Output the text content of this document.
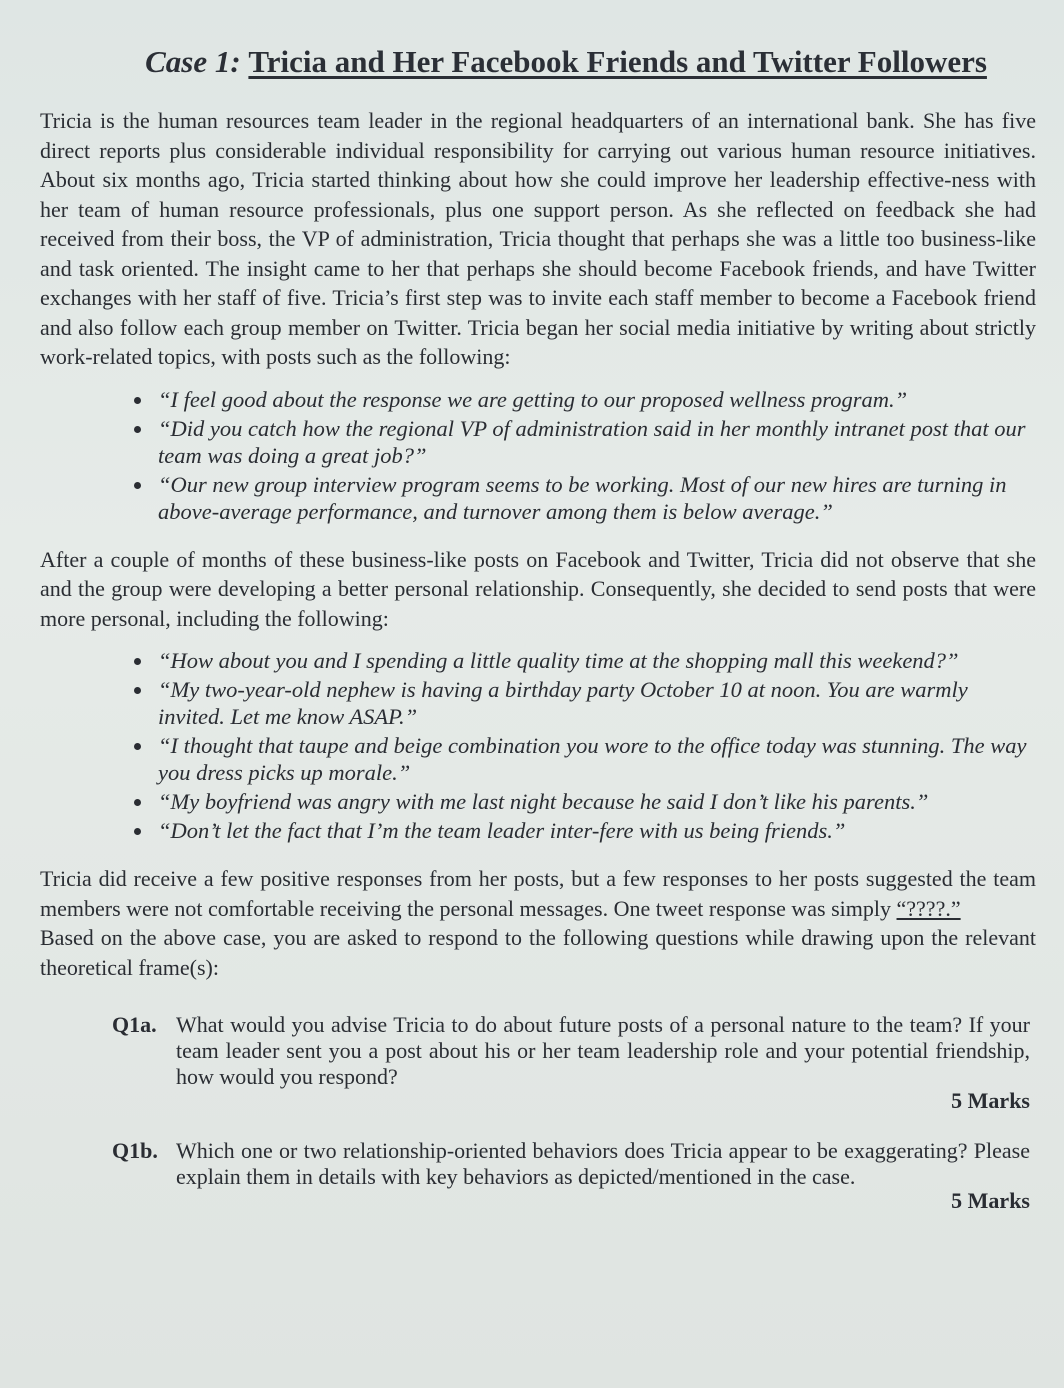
Case 1: Tricia and Her Facebook Friends and Twitter Followers

Tricia is the human resources team leader in the regional headquarters of an international bank. She has five direct reports plus considerable individual responsibility for carrying out various human resource initiatives. About six months ago, Tricia started thinking about how she could improve her leadership effective-ness with her team of human resource professionals, plus one support person. As she reflected on feedback she had received from their boss, the VP of administration, Tricia thought that perhaps she was a little too business-like and task oriented. The insight came to her that perhaps she should become Facebook friends, and have Twitter exchanges with her staff of five. Tricia’s first step was to invite each staff member to become a Facebook friend and also follow each group member on Twitter. Tricia began her social media initiative by writing about strictly work-related topics, with posts such as the following:

• “I feel good about the response we are getting to our proposed wellness program.”
• “Did you catch how the regional VP of administration said in her monthly intranet post that our team was doing a great job?”
• “Our new group interview program seems to be working. Most of our new hires are turning in above-average performance, and turnover among them is below average.”

After a couple of months of these business-like posts on Facebook and Twitter, Tricia did not observe that she and the group were developing a better personal relationship. Consequently, she decided to send posts that were more personal, including the following:

• “How about you and I spending a little quality time at the shopping mall this weekend?”
• “My two-year-old nephew is having a birthday party October 10 at noon. You are warmly invited. Let me know ASAP.”
• “I thought that taupe and beige combination you wore to the office today was stunning. The way you dress picks up morale.”
• “My boyfriend was angry with me last night because he said I don’t like his parents.”
• “Don’t let the fact that I’m the team leader inter-fere with us being friends.”

Tricia did receive a few positive responses from her posts, but a few responses to her posts suggested the team members were not comfortable receiving the personal messages. One tweet response was simply “????.”

Based on the above case, you are asked to respond to the following questions while drawing upon the relevant theoretical frame(s):

Q1a. What would you advise Tricia to do about future posts of a personal nature to the team? If your team leader sent you a post about his or her team leadership role and your potential friendship, how would you respond?
5 Marks
Q1b. Which one or two relationship-oriented behaviors does Tricia appear to be exaggerating? Please explain them in details with key behaviors as depicted/mentioned in the case.
5 Marks
